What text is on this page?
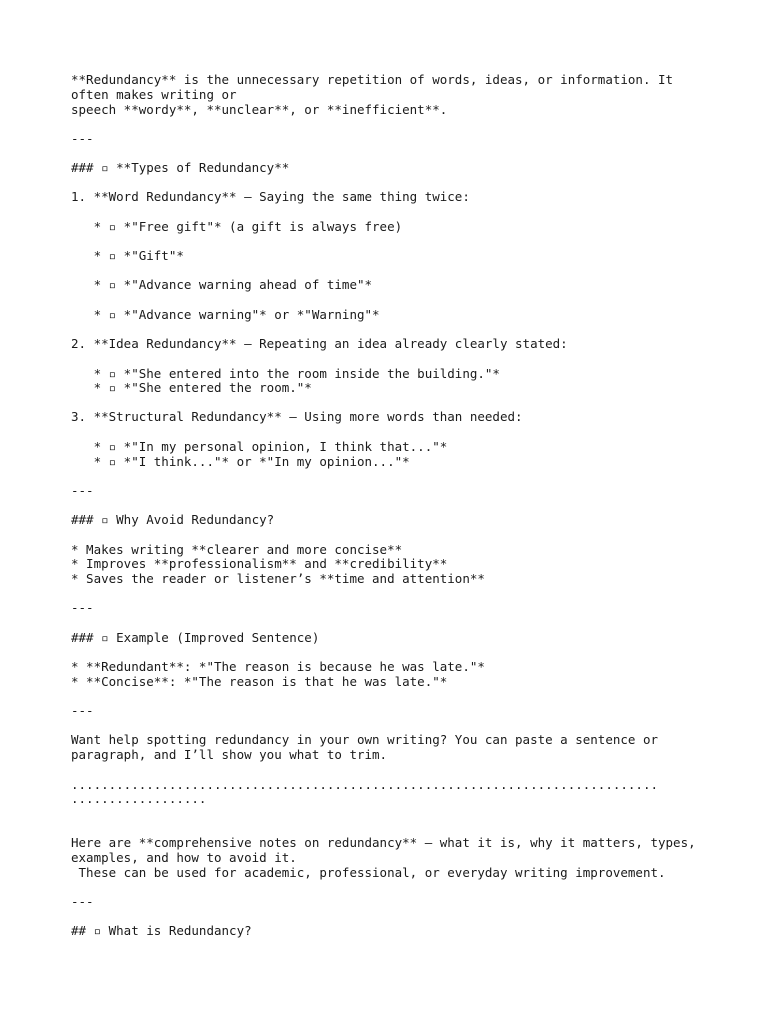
**Redundancy** is the unnecessary repetition of words, ideas, or information. It

often makes writing or

speech **wordy**, **unclear**, or **inefficient**.

---

### ▫ **Types of Redundancy**

1. **Word Redundancy** – Saying the same thing twice:

* ▫ *"Free gift"* (a gift is always free)

* ▫ *"Gift"*

* ▫ *"Advance warning ahead of time"*

* ▫ *"Advance warning"* or *"Warning"*

2. **Idea Redundancy** – Repeating an idea already clearly stated:

* ▫ *"She entered into the room inside the building."*

* ▫ *"She entered the room."*

3. **Structural Redundancy** – Using more words than needed:

* ▫ *"In my personal opinion, I think that..."*

* ▫ *"I think..."* or *"In my opinion..."*

---

### ▫ Why Avoid Redundancy?

* Makes writing **clearer and more concise**

* Improves **professionalism** and **credibility**

* Saves the reader or listener’s **time and attention**

---

### ▫ Example (Improved Sentence)

* **Redundant**: *"The reason is because he was late."*

* **Concise**: *"The reason is that he was late."*

---

Want help spotting redundancy in your own writing? You can paste a sentence or

paragraph, and I’ll show you what to trim.

..............................................................................

..................

Here are **comprehensive notes on redundancy** — what it is, why it matters, types,

examples, and how to avoid it.

These can be used for academic, professional, or everyday writing improvement.

---

## ▫ What is Redundancy?
